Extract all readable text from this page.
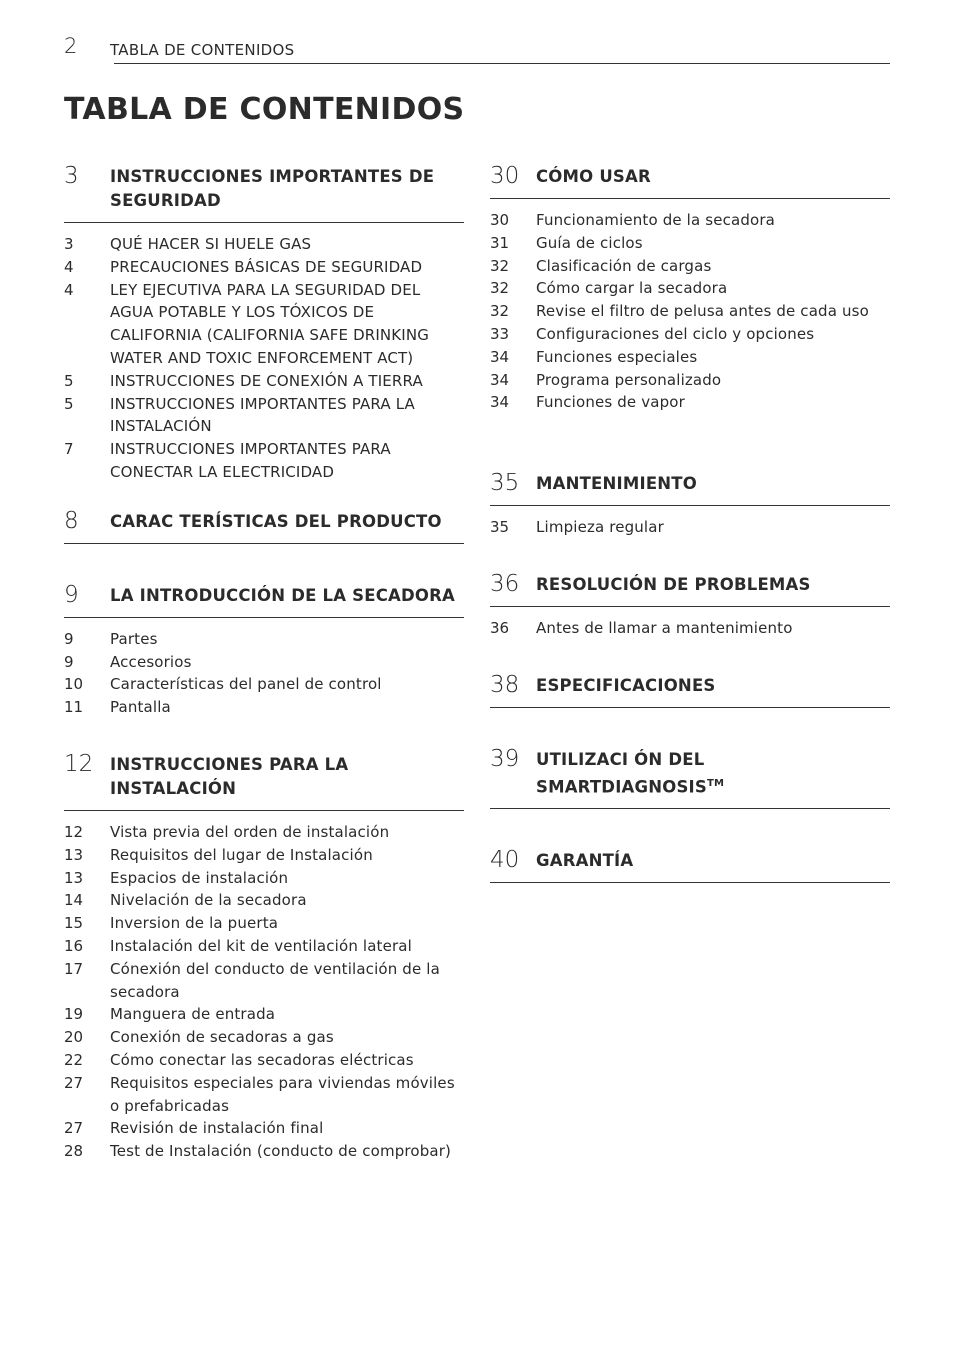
2 TABLA DE CONTENIDOS
TABLA DE CONTENIDOS
3	INSTRUCCIONES IMPORTANTES DE SEGURIDAD
3	QUÉ HACER SI HUELE GAS
4	PRECAUCIONES BÁSICAS DE SEGURIDAD
4	LEY EJECUTIVA PARA LA SEGURIDAD DEL AGUA POTABLE Y LOS TÓXICOS DE CALIFORNIA (CALIFORNIA SAFE DRINKING WATER AND TOXIC ENFORCEMENT ACT)
5	INSTRUCCIONES DE CONEXIÓN A TIERRA
5	INSTRUCCIONES IMPORTANTES PARA LA INSTALACIÓN
7	INSTRUCCIONES IMPORTANTES PARA CONECTAR LA ELECTRICIDAD
8	CARAC TERÍSTICAS DEL PRODUCTO
9	LA INTRODUCCIÓN DE LA SECADORA
9	Partes
9	Accesorios
10	Características del panel de control
11	Pantalla
12	INSTRUCCIONES PARA LA INSTALACIÓN
12	Vista previa del orden de instalación
13	Requisitos del lugar de Instalación
13	Espacios de instalación
14	Nivelación de la secadora
15	Inversion de la puerta
16	Instalación del kit de ventilación lateral
17	Cónexión del conducto de ventilación de la secadora
19	Manguera de entrada
20	Conexión de secadoras a gas
22	Cómo conectar las secadoras eléctricas
27	Requisitos especiales para viviendas móviles o prefabricadas
27	Revisión de instalación final
28	Test de Instalación (conducto de comprobar)
30	CÓMO USAR
30	Funcionamiento de la secadora
31	Guía de ciclos
32	Clasificación de cargas
32	Cómo cargar la secadora
32	Revise el filtro de pelusa antes de cada uso
33	Configuraciones del ciclo y opciones
34	Funciones especiales
34	Programa personalizado
34	Funciones de vapor
35	MANTENIMIENTO
35	Limpieza regular
36	RESOLUCIÓN DE PROBLEMAS
36	Antes de llamar a mantenimiento
38	ESPECIFICACIONES
39	UTILIZACI ÓN DEL SMARTDIAGNOSIS™
40	GARANTÍA
